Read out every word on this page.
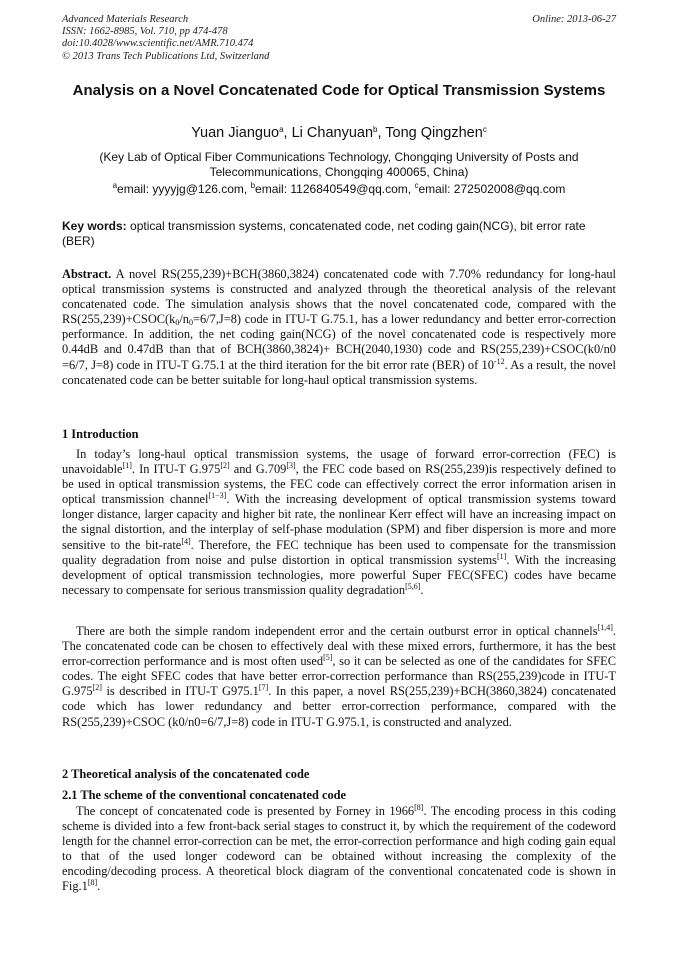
Advanced Materials Research
ISSN: 1662-8985, Vol. 710, pp 474-478
doi:10.4028/www.scientific.net/AMR.710.474
© 2013 Trans Tech Publications Ltd, Switzerland
Online: 2013-06-27
Analysis on a Novel Concatenated Code for Optical Transmission Systems
Yuan Jianguo$^a$, Li Chanyuan$^b$, Tong Qingzhen$^c$
(Key Lab of Optical Fiber Communications Technology, Chongqing University of Posts and Telecommunications, Chongqing 400065, China)
$^a$email: yyyyjg@126.com, $^b$email: 1126840549@qq.com, $^c$email: 272502008@qq.com
Key words: optical transmission systems, concatenated code, net coding gain(NCG), bit error rate (BER)
Abstract. A novel RS(255,239)+BCH(3860,3824) concatenated code with 7.70% redundancy for long-haul optical transmission systems is constructed and analyzed through the theoretical analysis of the relevant concatenated code. The simulation analysis shows that the novel concatenated code, compared with the $RS(255,239)+CSOC(k_0/n_0=6/7,J=8)$ code in ITU-T G.75.1, has a lower redundancy and better error-correction performance. In addition, the net coding gain(NCG) of the novel concatenated code is respectively more 0.44dB and 0.47dB than that of BCH(3860,3824)+ BCH(2040,1930) code and RS(255,239)+CSOC(k0/n0 =6/7, J=8) code in ITU-T G.75.1 at the third iteration for the bit error rate (BER) of $10^{-12}$. As a result, the novel concatenated code can be better suitable for long-haul optical transmission systems.
1 Introduction
In today’s long-haul optical transmission systems, the usage of forward error-correction (FEC) is unavoidable[1]. In ITU-T G.975[2] and G.709[3], the FEC code based on RS(255,239)is respectively defined to be used in optical transmission systems, the FEC code can effectively correct the error information arisen in optical transmission channel[1−3]. With the increasing development of optical transmission systems toward longer distance, larger capacity and higher bit rate, the nonlinear Kerr effect will have an increasing impact on the signal distortion, and the interplay of self-phase modulation (SPM) and fiber dispersion is more and more sensitive to the bit-rate[4]. Therefore, the FEC technique has been used to compensate for the transmission quality degradation from noise and pulse distortion in optical transmission systems[1]. With the increasing development of optical transmission technologies, more powerful Super FEC(SFEC) codes have became necessary to compensate for serious transmission quality degradation[5,6].
There are both the simple random independent error and the certain outburst error in optical channels[1,4]. The concatenated code can be chosen to effectively deal with these mixed errors, furthermore, it has the best error-correction performance and is most often used[5], so it can be selected as one of the candidates for SFEC codes. The eight SFEC codes that have better error-correction performance than RS(255,239)code in ITU-T G.975[2] is described in ITU-T G975.1[7]. In this paper, a novel RS(255,239)+BCH(3860,3824) concatenated code which has lower redundancy and better error-correction performance, compared with the RS(255,239)+CSOC (k0/n0=6/7,J=8) code in ITU-T G.975.1, is constructed and analyzed.
2 Theoretical analysis of the concatenated code
2.1 The scheme of the conventional concatenated code
The concept of concatenated code is presented by Forney in 1966[8]. The encoding process in this coding scheme is divided into a few front-back serial stages to construct it, by which the requirement of the codeword length for the channel error-correction can be met, the error-correction performance and high coding gain equal to that of the used longer codeword can be obtained without increasing the complexity of the encoding/decoding process. A theoretical block diagram of the conventional concatenated code is shown in Fig.1[8].
